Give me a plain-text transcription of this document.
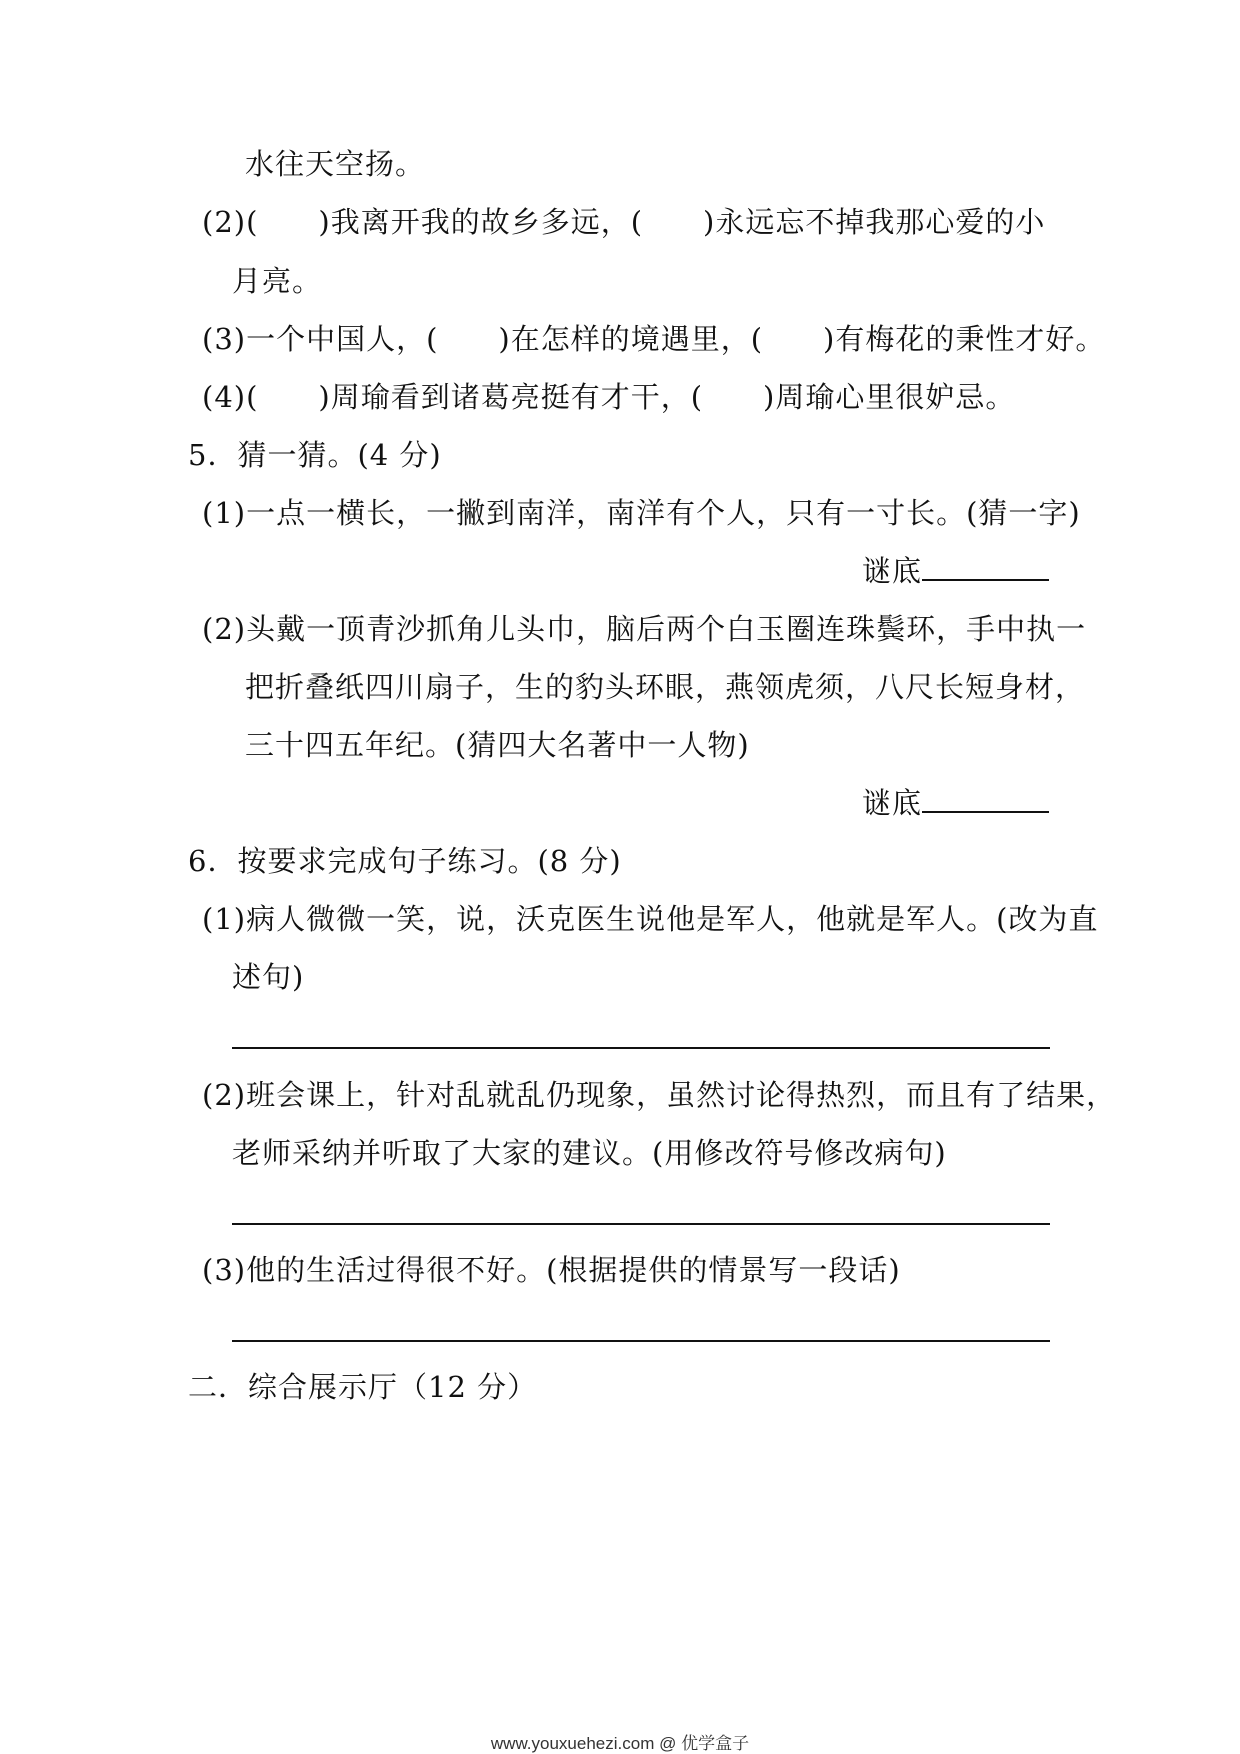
水往天空扬。
(2)( )我离开我的故乡多远，( )永远忘不掉我那心爱的小
月亮。
(3)一个中国人，( )在怎样的境遇里，( )有梅花的秉性才好。
(4)( )周瑜看到诸葛亮挺有才干，( )周瑜心里很妒忌。
5．猜一猜。(4 分)
(1)一点一横长，一撇到南洋，南洋有个人，只有一寸长。(猜一字)
谜底
(2)头戴一顶青沙抓角儿头巾，脑后两个白玉圈连珠鬓环，手中执一
把折叠纸四川扇子，生的豹头环眼，燕领虎须，八尺长短身材，
三十四五年纪。(猜四大名著中一人物)
谜底
6．按要求完成句子练习。(8 分)
(1)病人微微一笑，说，沃克医生说他是军人，他就是军人。(改为直
述句)
(2)班会课上，针对乱就乱仍现象，虽然讨论得热烈，而且有了结果，
老师采纳并听取了大家的建议。(用修改符号修改病句)
(3)他的生活过得很不好。(根据提供的情景写一段话)
二．综合展示厅（12 分）
www.youxuehezi.com @ 优学盒子
